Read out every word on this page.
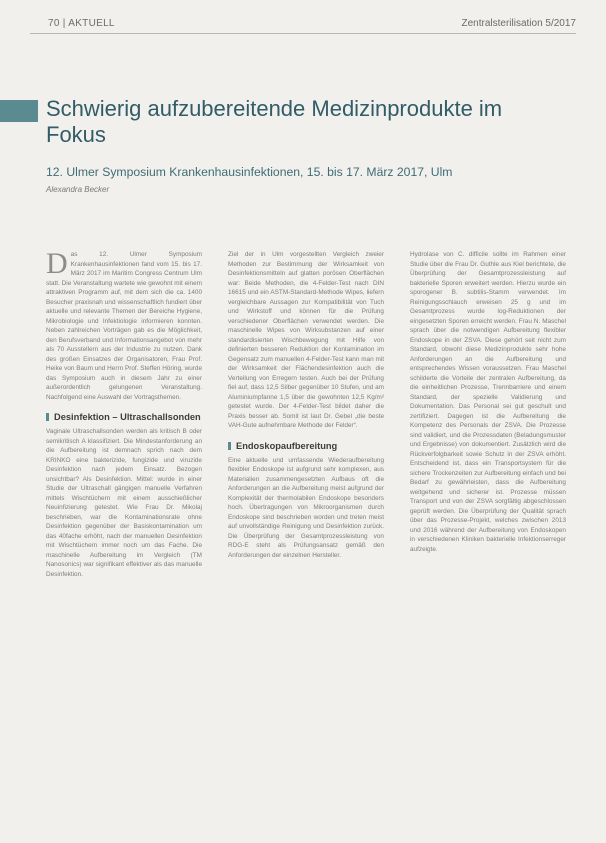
70 | AKTUELL	Zentralsterilisation 5/2017
Schwierig aufzubereitende Medizinprodukte im Fokus
12. Ulmer Symposium Krankenhausinfektionen, 15. bis 17. März 2017, Ulm
Alexandra Becker

Das 12. Ulmer Symposium Krankenhausinfektionen fand vom 15. bis 17. März 2017 im Maritim Congress Centrum Ulm statt. Die Veranstaltung wartete wie gewohnt mit einem attraktiven Programm auf, mit dem sich die ca. 1400 Besucher praxisnah und wissenschaftlich fundiert über aktuelle und relevante Themen der Bereiche Hygiene, Mikrobiologie und Infektiologie informieren konnten. Neben zahlreichen Vorträgen gab es die Möglichkeit, den Berufsverband und Informationsangebot von mehr als 70 Ausstellern aus der Industrie zu nutzen. Dank des großen Einsatzes der Organisatoren, Frau Prof. Heike von Baum und Herrn Prof. Steffen Höring, wurde das Symposium auch in diesem Jahr zu einer außerordentlich gelungenen Veranstaltung. Nachfolgend eine Auswahl der Vortragsthemen.

Desinfektion – Ultraschallsonden

Vaginale Ultraschallsonden werden als kritisch B oder semikritisch A klassifiziert. Die Mindestanforderung an die Aufbereitung ist demnach sprich nach dem KRINKO eine bakterizide, fungizide und viruzide Desinfektion nach jedem Einsatz. Bezogen unsichtbar? Als Desinfektion. Mittel: wurde in einer Studie der Ultraschall gängigen manuelle Verfahren mittels Wischtüchern mit einem ausschießlicher Neuinfizierung getestet. Wie Frau Dr. Mikolaj beschrieben, war die Kontaminationsrate ohne Desinfektion gegenüber der Basiskontamination um das 40fache erhöht, nach der manuellen Desinfektion mit Wischtüchern immer noch um das Fache. Die maschinelle Aufbereitung im Vergleich (TM Nanosonics) war signifikant effektiver als das manuelle Desinfektion.

Ziel der in Ulm vorgestellten Vergleich zweier Methoden zur Bestimmung der Wirksamkeit von Desinfektionsmitteln auf glatten porösen Oberflächen war: Beide Methoden, die 4-Felder-Test nach DIN 16615 und ein ASTM-Standard-Methode Wipes, liefern vergleichbare Aussagen zur Kompatibilität von Tuch und Wirkstoff und können für die Prüfung verschiedener Oberflächen verwendet werden. Die maschinelle Wipes von Wirksubstanzen auf einer standardisierten Wischbewegung mit Hilfe von definierten besseren Reduktion der Kontamination im Gegensatz zum manuellen 4-Felder-Test kann man mit der Wirksamkeit der Flächendesinfektion auch die Verteilung von Erregern testen. Auch bei der Prüfung fiel auf, dass 12,5 Silber gegenüber 10 Stufen, und am Aluminiumpfanne 1,5 über die gewohnten 12,5 Kg/m² getestet wurde. Der 4-Felder-Test bildet daher die Praxis besser ab. Somit ist laut Dr. Gebel „die beste VAH-Gute aufnehmbare Methode der Felder“.

Endoskopaufbereitung

Eine aktuelle und umfassende Wiederaufbereitung flexibler Endoskope ist aufgrund sehr komplexen, aus Materialien zusammengesetzten Aufbaus oft die Anforderungen an die Aufbereitung meist aufgrund der Komplexität der thermolabilen Endoskope besonders hoch. Übertragungen von Mikroorganismen durch Endoskope sind beschrieben worden und treten meist auf unvollständige Reinigung und Desinfektion zurück. Die Überprüfung der Gesamtprozessleistung von RDG-E steht als Prüfungsansatz gemäß den Anforderungen der einzelnen Hersteller.

Hydrolase von C. difficile sollte im Rahmen einer Studie über die Frau Dr. Guthle aus Kiel berichtete, die Überprüfung der Gesamtprozessleistung auf bakterielle Sporen erweitert werden. Hierzu wurde ein sporogener B. subtilis-Stamm verwendet. Im Reinigungsschlauch erweisen 25 g und im Gesamtprozess wurde log-Reduktionen der eingesetzten Sporen erreicht werden. Frau N. Maschel sprach über die notwendigen Aufbereitung flexibler Endoskope in der ZSVA. Diese gehört seit nicht zum Standard, obwohl diese Medizinprodukte sehr hohe Anforderungen an die Aufbereitung und entsprechendes Wissen voraussetzen. Frau Maschel schilderte die Vorteile der zentralen Aufbereitung, da die einheitlichen Prozesse, Trennbarriere und einem Standard, der spezielle Validierung und Dokumentation. Das Personal sei gut geschult und zertifiziert. Dagegen ist die Aufbereitung die Kompetenz des Personals der ZSVA. Die Prozesse sind validiert, und die Prozessdaten (Beladungsmuster und Ergebnisse) von dokumentiert. Zusätzlich wird die Rückverfolgbarkeit sowie Schutz in der ZSVA erhöht. Entscheidend ist, dass ein Transportsystem für die sichere Trockenzeiten zur Aufbereitung einfach und bei Bedarf zu gewährleisten, dass die Aufbereitung weitgehend und sicherer ist. Prozesse müssen Transport und von der ZSVA sorgfältig abgeschlossen geprüft werden. Die Überprüfung der Qualität sprach über das Prozesse-Projekt, welches zwischen 2013 und 2016 während der Aufbereitung von Endoskopen in verschiedenen Kliniken bakterielle Infektionserreger aufzeigte.
